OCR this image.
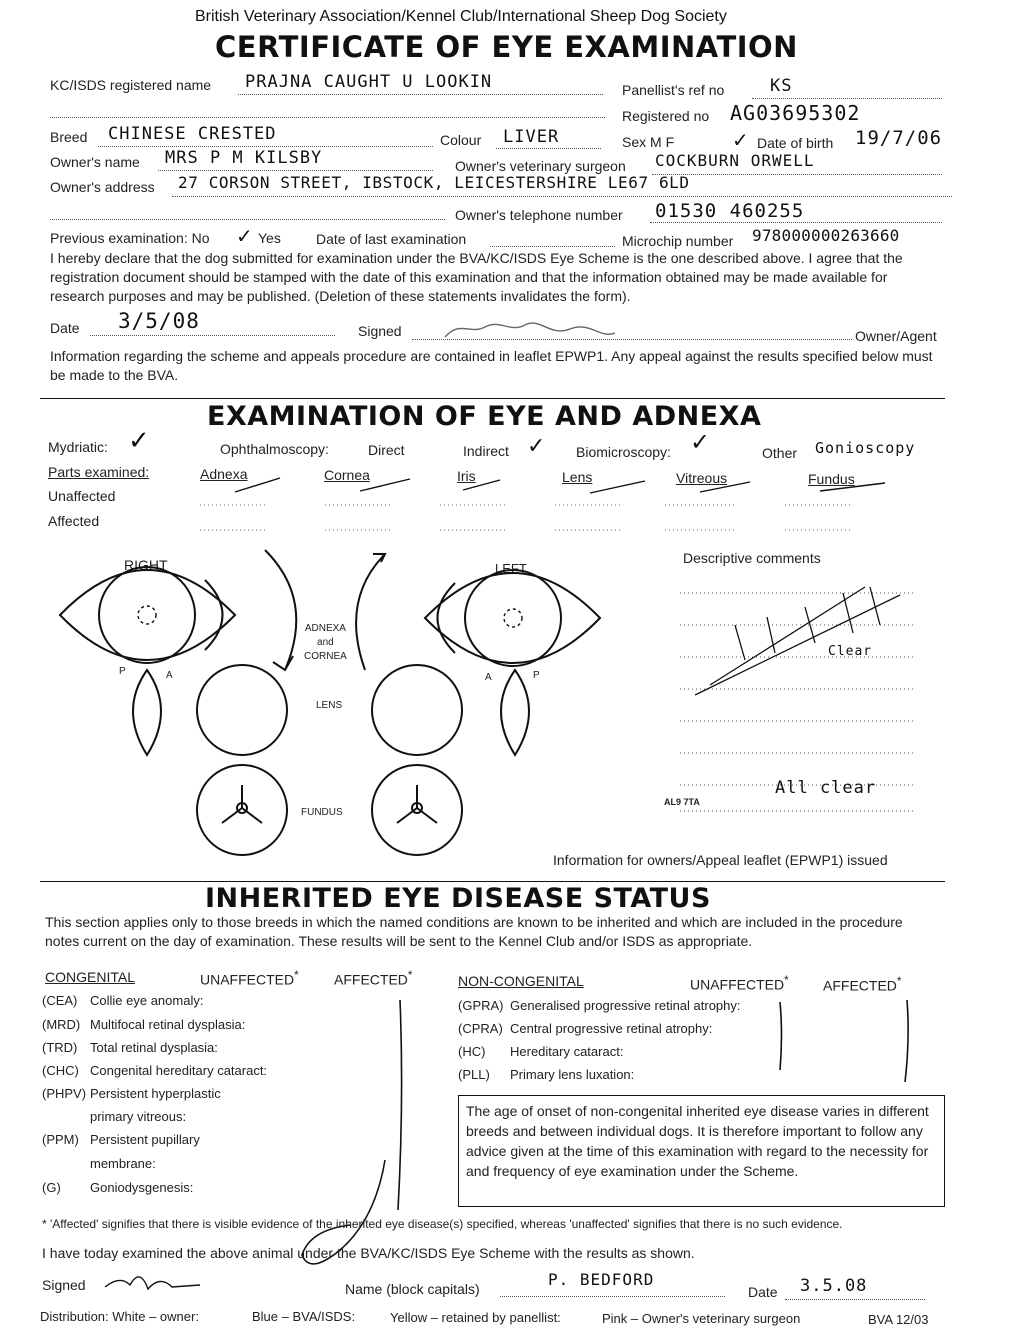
British Veterinary Association/Kennel Club/International Sheep Dog Society
CERTIFICATE OF EYE EXAMINATION
KC/ISDS registered name PRAJNA CAUGHT U LOOKIN	Panellist's ref no	KS
Registered no AG03695302
Breed CHINESE CRESTED	Colour LIVER	Sex M F	✓ Date of birth 19/7/06
Owner's name MRS P M KILSBY	Owner's veterinary surgeon COCKBURN ORWELL
Owner's address 27 CORSON STREET, IBSTOCK, LEICESTERSHIRE LE67 6LD
Owner's telephone number 01530 460255
Previous examination: No ✓ Yes	Date of last examination	Microchip number 978000000263660
I hereby declare that the dog submitted for examination under the BVA/KC/ISDS Eye Scheme is the one described above. I agree that the registration document should be stamped with the date of this examination and that the information obtained may be made available for research purposes and may be published. (Deletion of these statements invalidates the form).
Date 3/5/08	Signed	Owner/Agent
Information regarding the scheme and appeals procedure are contained in leaflet EPWP1. Any appeal against the results specified below must be made to the BVA.
EXAMINATION OF EYE AND ADNEXA
Mydriatic: ✓	Ophthalmoscopy:	Direct	Indirect ✓ Biomicroscopy: ✓	Other Gonioscopy
Parts examined:	Adnexa	Cornea	Iris	Lens	Vitreous	Fundus
Unaffected
Affected
RIGHT	LEFT
ADNEXA
and
CORNEA
P	A	A	P
LENS
FUNDUS
Descriptive comments
Clear
AL9 7TA
All clear
Information for owners/Appeal leaflet (EPWP1) issued
INHERITED EYE DISEASE STATUS
This section applies only to those breeds in which the named conditions are known to be inherited and which are included in the procedure notes current on the day of examination. These results will be sent to the Kennel Club and/or ISDS as appropriate.
CONGENITAL	UNAFFECTED*	AFFECTED*	NON-CONGENITAL	UNAFFECTED* AFFECTED*
(CEA) Collie eye anomaly:
(MRD) Multifocal retinal dysplasia:
(TRD) Total retinal dysplasia:
(CHC) Congenital hereditary cataract:
(PHPV) Persistent hyperplastic
primary vitreous:
(PPM) Persistent pupillary
membrane:
(G) Goniodysgenesis:
(GPRA) Generalised progressive retinal atrophy:
(CPRA) Central progressive retinal atrophy:
(HC) Hereditary cataract:
(PLL) Primary lens luxation:
The age of onset of non-congenital inherited eye disease varies in different breeds and between individual dogs. It is therefore important to follow any advice given at the time of this examination with regard to the necessity for and frequency of eye examination under the Scheme.
* 'Affected' signifies that there is visible evidence of the inherited eye disease(s) specified, whereas 'unaffected' signifies that there is no such evidence.
I have today examined the above animal under the BVA/KC/ISDS Eye Scheme with the results as shown.
Signed	Name (block capitals)	P. BEDFORD
Date 3.5.08
Distribution: White – owner:	Blue – BVA/ISDS:	Yellow – retained by panellist:	Pink – Owner's veterinary surgeon	BVA 12/03
